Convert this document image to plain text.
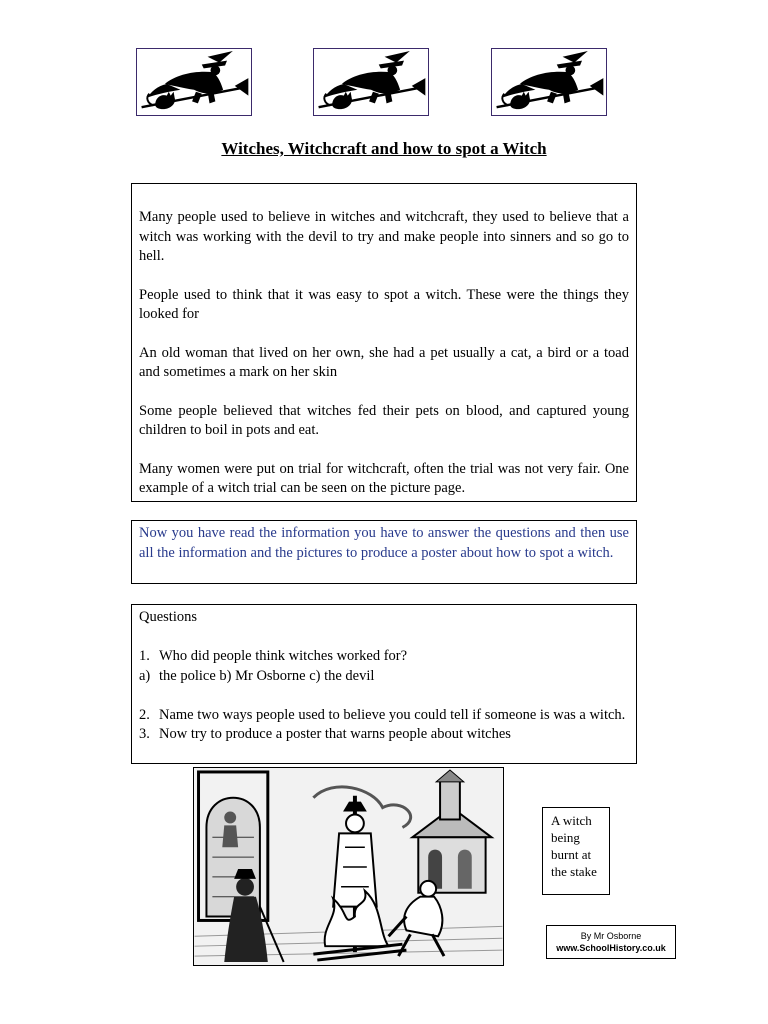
Witches, Witchcraft and how to spot a Witch

Many people used to believe in witches and witchcraft, they used to believe that a witch was working with the devil to try and make people into sinners and so go to hell.

People used to think that it was easy to spot a witch. These were the things they looked for

An old woman that lived on her own, she had a pet usually a cat, a bird or a toad and sometimes a mark on her skin

Some people believed that witches fed their pets on blood, and captured young children to boil in pots and eat.

Many women were put on trial for witchcraft, often the trial was not very fair. One example of a witch trial can be seen on the picture page.

Now you have read the information you have to answer the questions and then use all the information and the pictures to produce a poster about how to spot a witch.

Questions
1. Who did people think witches worked for?
a) the police b) Mr Osborne c) the devil
2. Name two ways people used to believe you could tell if someone is was a witch.
3. Now try to produce a poster that warns people about witches
A witch being burnt at the stake
By Mr Osborne
www.SchoolHistory.co.uk
